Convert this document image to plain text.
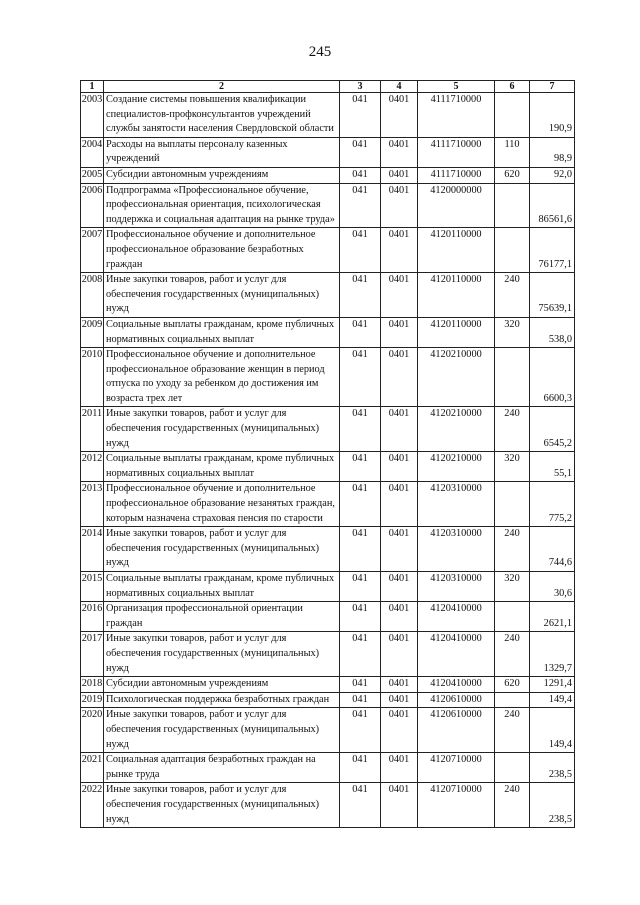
245
1	2	3	4	5	6	7
2003	Создание системы повышения квалификации специалистов-профконсультантов учреждений службы занятости населения Свердловской области	041	0401	4111710000		190,9
2004	Расходы на выплаты персоналу казенных учреждений	041	0401	4111710000	110	98,9
2005	Субсидии автономным учреждениям	041	0401	4111710000	620	92,0
2006	Подпрограмма «Профессиональное обучение, профессиональная ориентация, психологическая поддержка и социальная адаптация на рынке труда»	041	0401	4120000000		86561,6
2007	Профессиональное обучение и дополнительное профессиональное образование безработных граждан	041	0401	4120110000		76177,1
2008	Иные закупки товаров, работ и услуг для обеспечения государственных (муниципальных) нужд	041	0401	4120110000	240	75639,1
2009	Социальные выплаты гражданам, кроме публичных нормативных социальных выплат	041	0401	4120110000	320	538,0
2010	Профессиональное обучение и дополнительное профессиональное образование женщин в период отпуска по уходу за ребенком до достижения им возраста трех лет	041	0401	4120210000		6600,3
2011	Иные закупки товаров, работ и услуг для обеспечения государственных (муниципальных) нужд	041	0401	4120210000	240	6545,2
2012	Социальные выплаты гражданам, кроме публичных нормативных социальных выплат	041	0401	4120210000	320	55,1
2013	Профессиональное обучение и дополнительное профессиональное образование незанятых граждан, которым назначена страховая пенсия по старости	041	0401	4120310000		775,2
2014	Иные закупки товаров, работ и услуг для обеспечения государственных (муниципальных) нужд	041	0401	4120310000	240	744,6
2015	Социальные выплаты гражданам, кроме публичных нормативных социальных выплат	041	0401	4120310000	320	30,6
2016	Организация профессиональной ориентации граждан	041	0401	4120410000		2621,1
2017	Иные закупки товаров, работ и услуг для обеспечения государственных (муниципальных) нужд	041	0401	4120410000	240	1329,7
2018	Субсидии автономным учреждениям	041	0401	4120410000	620	1291,4
2019	Психологическая поддержка безработных граждан	041	0401	4120610000		149,4
2020	Иные закупки товаров, работ и услуг для обеспечения государственных (муниципальных) нужд	041	0401	4120610000	240	149,4
2021	Социальная адаптация безработных граждан на рынке труда	041	0401	4120710000		238,5
2022	Иные закупки товаров, работ и услуг для обеспечения государственных (муниципальных) нужд	041	0401	4120710000	240	238,5
